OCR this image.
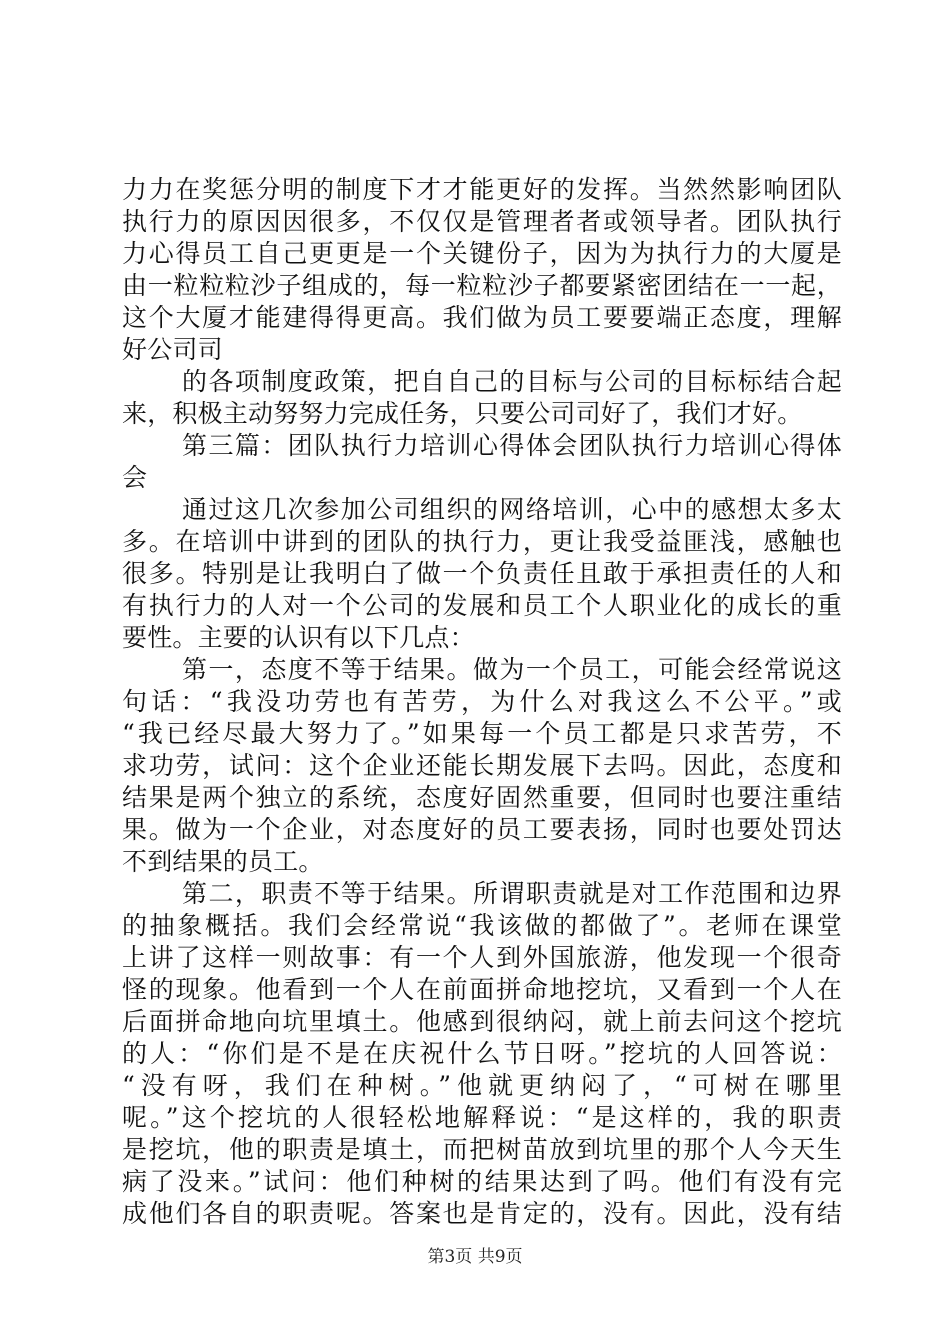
力力在奖惩分明的制度下才才能更好的发挥。当然然影响团队
执行力的原因因很多，不仅仅是管理者者或领导者。团队执行
力心得员工自己更更是一个关键份子，因为为执行力的大厦是
由一粒粒粒沙子组成的，每一粒粒沙子都要紧密团结在一一起，
这个大厦才能建得得更高。我们做为员工要要端正态度，理解
好公司司
的各项制度政策，把自自己的目标与公司的目标标结合起
来，积极主动努努力完成任务，只要公司司好了，我们才好。
第三篇：团队执行力培训心得体会团队执行力培训心得体
会
通过这几次参加公司组织的网络培训，心中的感想太多太
多。在培训中讲到的团队的执行力，更让我受益匪浅，感触也
很多。特别是让我明白了做一个负责任且敢于承担责任的人和
有执行力的人对一个公司的发展和员工个人职业化的成长的重
要性。主要的认识有以下几点：
第一，态度不等于结果。做为一个员工，可能会经常说这
句话：“我没功劳也有苦劳，为什么对我这么不公平。”或
“我已经尽最大努力了。”如果每一个员工都是只求苦劳，不
求功劳，试问：这个企业还能长期发展下去吗。因此，态度和
结果是两个独立的系统，态度好固然重要，但同时也要注重结
果。做为一个企业，对态度好的员工要表扬，同时也要处罚达
不到结果的员工。
第二，职责不等于结果。所谓职责就是对工作范围和边界
的抽象概括。我们会经常说“我该做的都做了”。老师在课堂
上讲了这样一则故事：有一个人到外国旅游，他发现一个很奇
怪的现象。他看到一个人在前面拼命地挖坑，又看到一个人在
后面拼命地向坑里填土。他感到很纳闷，就上前去问这个挖坑
的人：“你们是不是在庆祝什么节日呀。”挖坑的人回答说：
“没有呀，我们在种树。”他就更纳闷了，“可树在哪里
呢。”这个挖坑的人很轻松地解释说：“是这样的，我的职责
是挖坑，他的职责是填土，而把树苗放到坑里的那个人今天生
病了没来。”试问：他们种树的结果达到了吗。他们有没有完
成他们各自的职责呢。答案也是肯定的，没有。因此，没有结
第3页 共9页
